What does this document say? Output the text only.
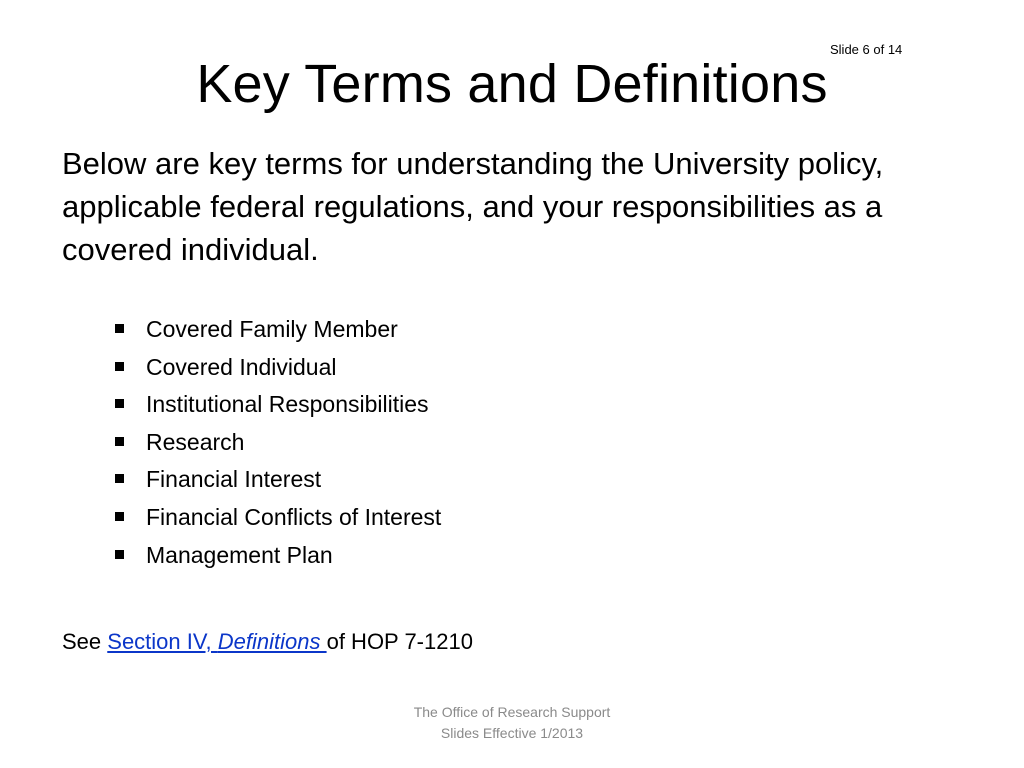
Slide 6 of 14
Key Terms and Definitions

Below are key terms for understanding the University policy, applicable federal regulations, and your responsibilities as a covered individual.

Covered Family Member
Covered Individual
Institutional Responsibilities
Research
Financial Interest
Financial Conflicts of Interest
Management Plan
See Section IV, Definitions of HOP 7-1210
The Office of Research Support
Slides Effective 1/2013
